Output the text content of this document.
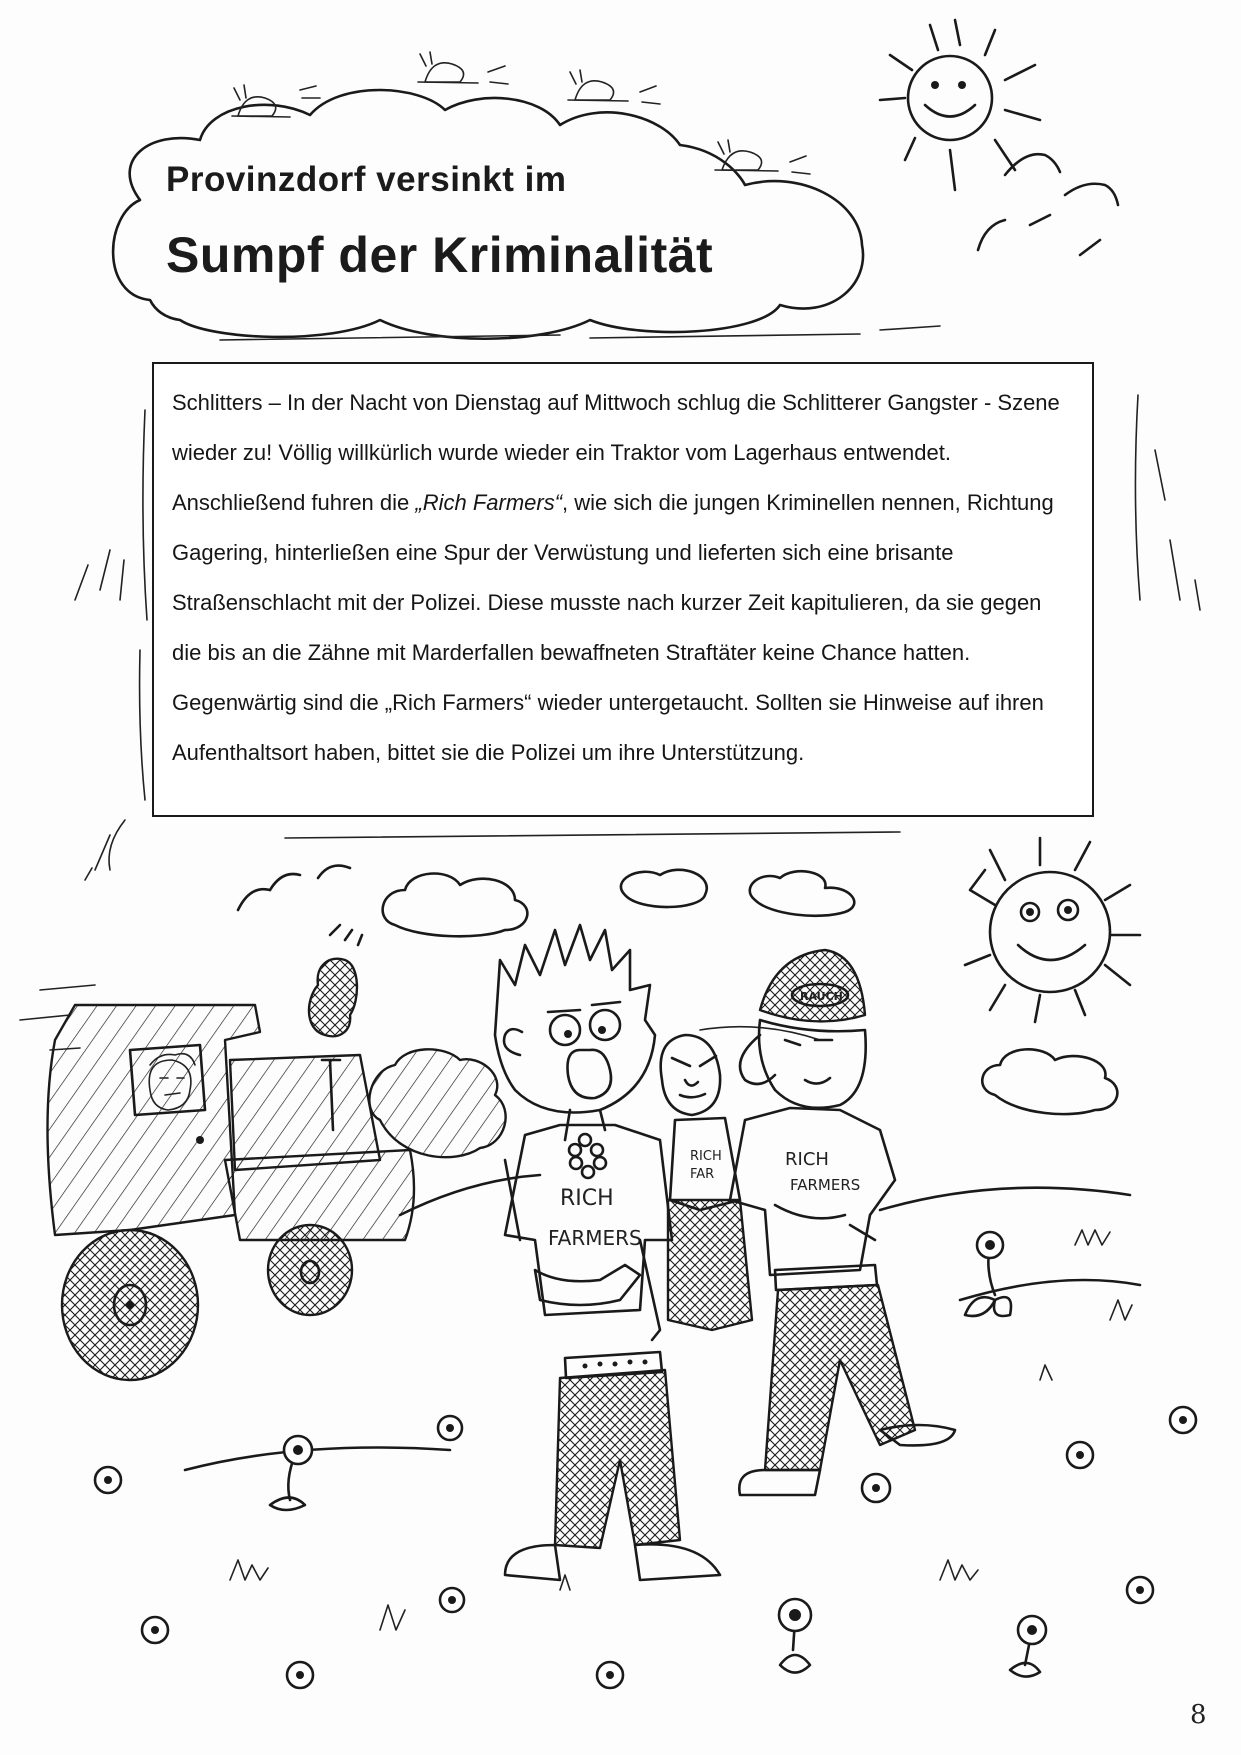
RICH
FAR
RICH
FARMERS
RAUCH
RICH
FARMERS
Provinzdorf versinkt im
Sumpf der Kriminalität
Schlitters – In der Nacht von Dienstag auf Mittwoch schlug die Schlitterer Gangster - Szene wieder zu! Völlig willkürlich wurde wieder ein Traktor vom Lagerhaus entwendet. Anschließend fuhren die „Rich Farmers“, wie sich die jungen Kriminellen nennen, Richtung Gagering, hinterließen eine Spur der Verwüstung und lieferten sich eine brisante Straßenschlacht mit der Polizei. Diese musste nach kurzer Zeit kapitulieren, da sie gegen die bis an die Zähne mit Marderfallen bewaffneten Straftäter keine Chance hatten. Gegenwärtig sind die „Rich Farmers“ wieder untergetaucht. Sollten sie Hinweise auf ihren Aufenthaltsort haben, bittet sie die Polizei um ihre Unterstützung.
8
